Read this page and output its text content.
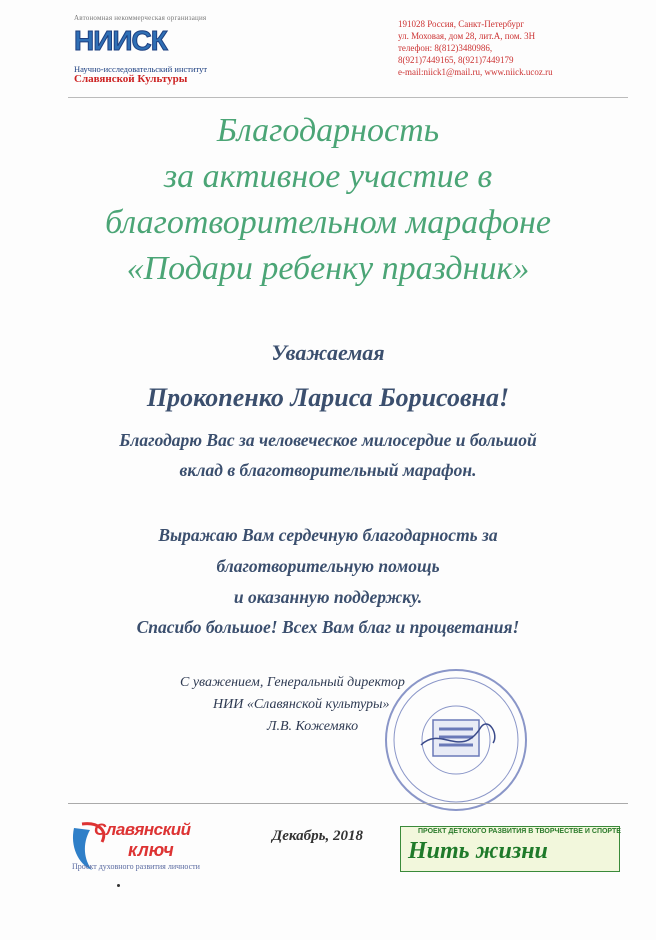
Автономная некоммерческая организация
НИИСК
Научно-исследовательский институт
Славянской Культуры
191028 Россия, Санкт-Петербург
ул. Моховая, дом 28, лит.А, пом. 3Н
телефон: 8(812)3480986,
8(921)7449165, 8(921)7449179
e-mail:niick1@mail.ru, www.niick.ucoz.ru
Благодарность
за активное участие в
благотворительном марафоне
«Подари ребенку праздник»
Уважаемая
Прокопенко Лариса Борисовна!
Благодарю Вас за человеческое милосердие и большой
вклад в благотворительный марафон.
Выражаю Вам сердечную благодарность за
благотворительную помощь
и оказанную поддержку.
Спасибо большое! Всех Вам благ и процветания!
С уважением, Генеральный директор
НИИ «Славянской культуры»
Л.В. Кожемяко
Славянский
ключ
Проект духовного развития личности
Декабрь, 2018	ПРОЕКТ ДЕТСКОГО РАЗВИТИЯ В ТВОРЧЕСТВЕ И СПОРТЕ
Нить жизни
